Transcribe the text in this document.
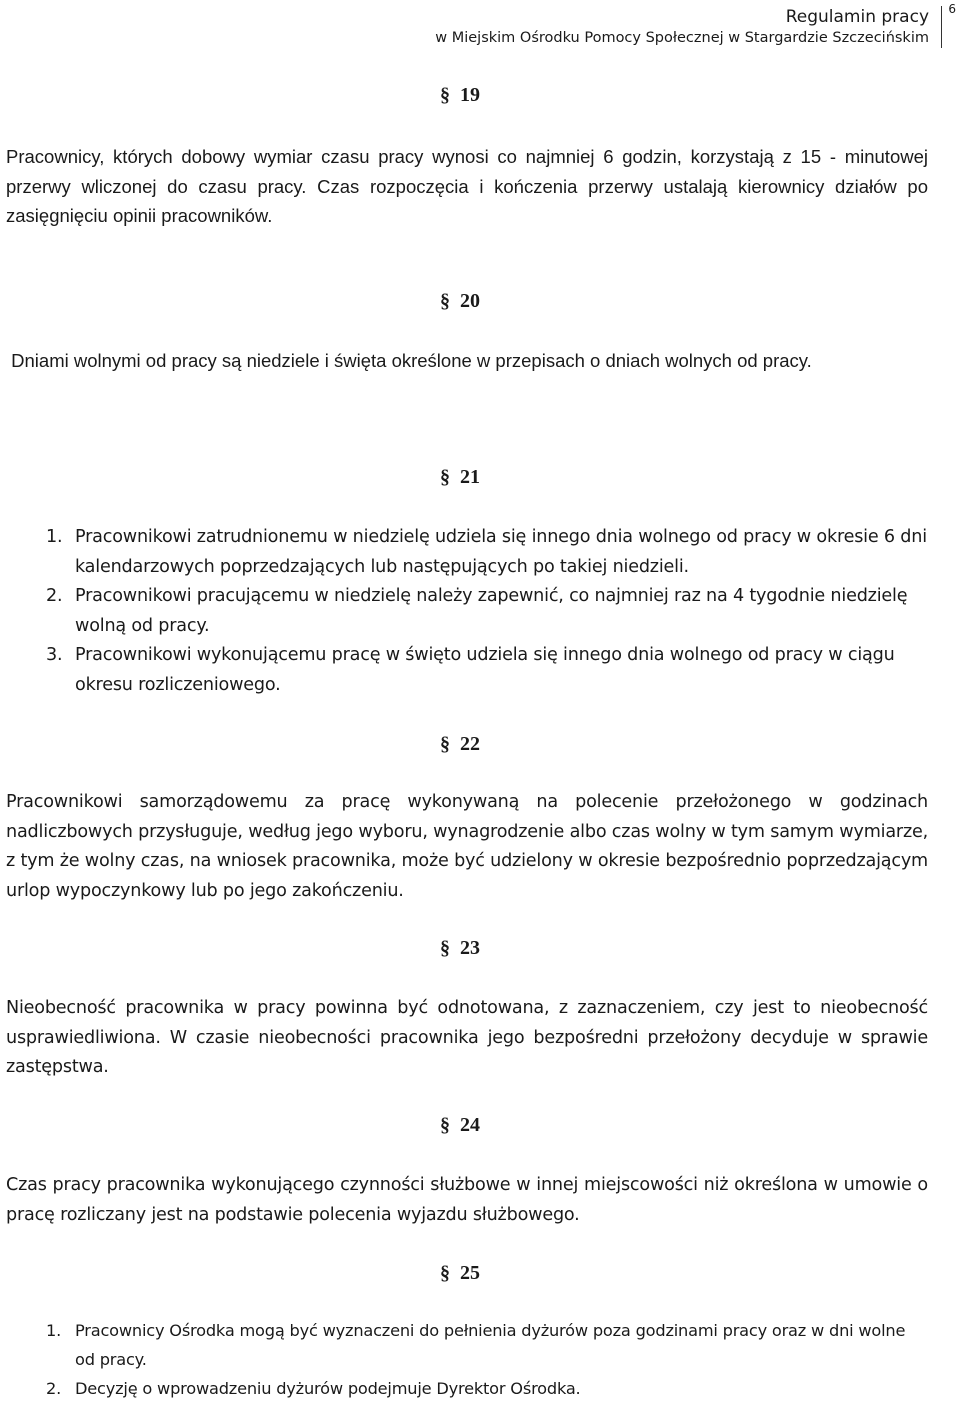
Regulamin pracy
w Miejskim Ośrodku Pomocy Społecznej w Stargardzie Szczecińskim
6
§ 19
Pracownicy, których dobowy wymiar czasu pracy wynosi co najmniej 6 godzin, korzystają z 15 - minutowej przerwy wliczonej do czasu pracy. Czas rozpoczęcia i kończenia przerwy ustalają kierownicy działów po zasięgnięciu opinii pracowników.
§ 20
Dniami wolnymi od pracy są niedziele i święta określone w przepisach o dniach wolnych od pracy.
§ 21
1. Pracownikowi zatrudnionemu w niedzielę udziela się innego dnia wolnego od pracy w okresie 6 dni kalendarzowych poprzedzających lub następujących po takiej niedzieli.
2. Pracownikowi pracującemu w niedzielę należy zapewnić, co najmniej raz na 4 tygodnie niedzielę wolną od pracy.
3. Pracownikowi wykonującemu pracę w święto udziela się innego dnia wolnego od pracy w ciągu okresu rozliczeniowego.
§ 22
Pracownikowi samorządowemu za pracę wykonywaną na polecenie przełożonego w godzinach nadliczbowych przysługuje, według jego wyboru, wynagrodzenie albo czas wolny w tym samym wymiarze, z tym że wolny czas, na wniosek pracownika, może być udzielony w okresie bezpośrednio poprzedzającym urlop wypoczynkowy lub po jego zakończeniu.
§ 23
Nieobecność pracownika w pracy powinna być odnotowana, z zaznaczeniem, czy jest to nieobecność usprawiedliwiona. W czasie nieobecności pracownika jego bezpośredni przełożony decyduje w sprawie zastępstwa.
§ 24
Czas pracy pracownika wykonującego czynności służbowe w innej miejscowości niż określona w umowie o pracę rozliczany jest na podstawie polecenia wyjazdu służbowego.
§ 25
1. Pracownicy Ośrodka mogą być wyznaczeni do pełnienia dyżurów poza godzinami pracy oraz w dni wolne od pracy.
2. Decyzję o wprowadzeniu dyżurów podejmuje Dyrektor Ośrodka.
